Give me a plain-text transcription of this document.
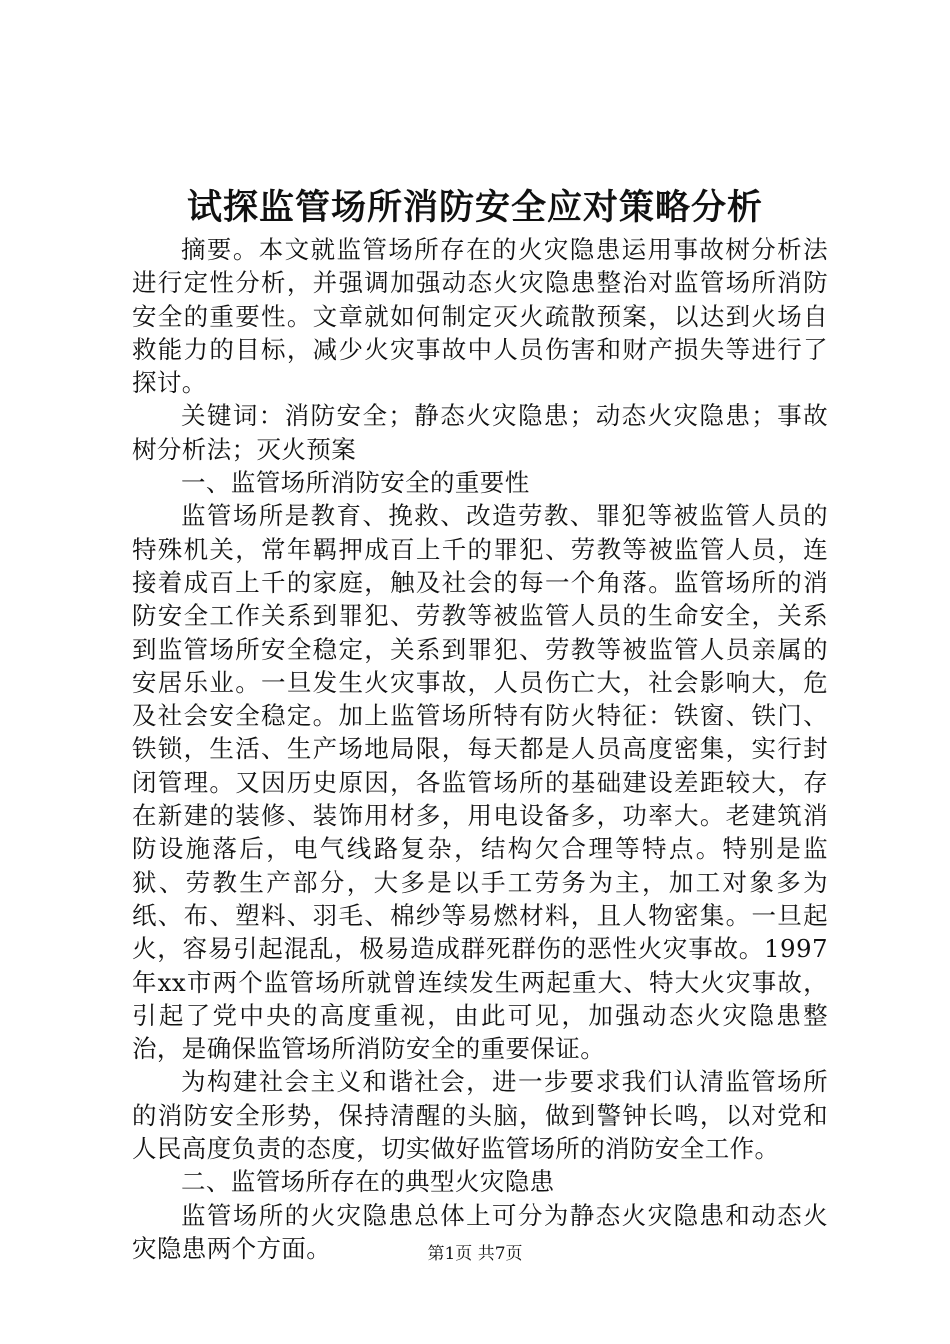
试探监管场所消防安全应对策略分析

摘要。本文就监管场所存在的火灾隐患运用事故树分析法进行定性分析，并强调加强动态火灾隐患整治对监管场所消防安全的重要性。文章就如何制定灭火疏散预案，以达到火场自救能力的目标，减少火灾事故中人员伤害和财产损失等进行了探讨。

关键词：消防安全；静态火灾隐患；动态火灾隐患；事故树分析法；灭火预案

一、监管场所消防安全的重要性

监管场所是教育、挽救、改造劳教、罪犯等被监管人员的特殊机关，常年羁押成百上千的罪犯、劳教等被监管人员，连接着成百上千的家庭，触及社会的每一个角落。监管场所的消防安全工作关系到罪犯、劳教等被监管人员的生命安全，关系到监管场所安全稳定，关系到罪犯、劳教等被监管人员亲属的安居乐业。一旦发生火灾事故，人员伤亡大，社会影响大，危及社会安全稳定。加上监管场所特有防火特征：铁窗、铁门、铁锁，生活、生产场地局限，每天都是人员高度密集，实行封闭管理。又因历史原因，各监管场所的基础建设差距较大，存在新建的装修、装饰用材多，用电设备多，功率大。老建筑消防设施落后，电气线路复杂，结构欠合理等特点。特别是监狱、劳教生产部分，大多是以手工劳务为主，加工对象多为纸、布、塑料、羽毛、棉纱等易燃材料，且人物密集。一旦起火，容易引起混乱，极易造成群死群伤的恶性火灾事故。1997年xx市两个监管场所就曾连续发生两起重大、特大火灾事故，引起了党中央的高度重视，由此可见，加强动态火灾隐患整治，是确保监管场所消防安全的重要保证。

为构建社会主义和谐社会，进一步要求我们认清监管场所的消防安全形势，保持清醒的头脑，做到警钟长鸣，以对党和人民高度负责的态度，切实做好监管场所的消防安全工作。

二、监管场所存在的典型火灾隐患

监管场所的火灾隐患总体上可分为静态火灾隐患和动态火灾隐患两个方面。	第1页 共7页
